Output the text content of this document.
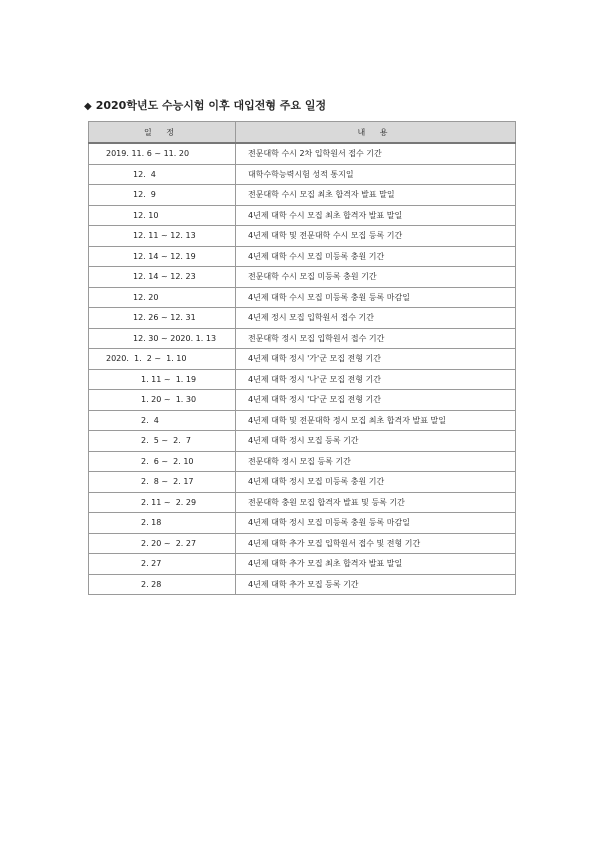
◆ 2020학년도 수능시험 이후 대입전형 주요 일정
일 정	내 용
2019. 11. 6 ~ 11. 20	전문대학 수시 2차 입학원서 접수 기간
12.  4	대학수학능력시험 성적 통지일
12.  9	전문대학 수시 모집 최초 합격자 발표 말일
12. 10	4년제 대학 수시 모집 최초 합격자 발표 말일
12. 11 ~ 12. 13	4년제 대학 및 전문대학 수시 모집 등록 기간
12. 14 ~ 12. 19	4년제 대학 수시 모집 미등록 충원 기간
12. 14 ~ 12. 23	전문대학 수시 모집 미등록 충원 기간
12. 20	4년제 대학 수시 모집 미등록 충원 등록 마감일
12. 26 ~ 12. 31	4년제 정시 모집 입학원서 접수 기간
12. 30 ~ 2020. 1. 13	전문대학 정시 모집 입학원서 접수 기간
2020.  1.  2 ~  1. 10	4년제 대학 정시 '가'군 모집 전형 기간
1. 11 ~  1. 19	4년제 대학 정시 '나'군 모집 전형 기간
1. 20 ~  1. 30	4년제 대학 정시 '다'군 모집 전형 기간
2.  4	4년제 대학 및 전문대학 정시 모집 최초 합격자 발표 말일
2.  5 ~  2.  7	4년제 대학 정시 모집 등록 기간
2.  6 ~  2. 10	전문대학 정시 모집 등록 기간
2.  8 ~  2. 17	4년제 대학 정시 모집 미등록 충원 기간
2. 11 ~  2. 29	전문대학 충원 모집 합격자 발표 및 등록 기간
2. 18	4년제 대학 정시 모집 미등록 충원 등록 마감일
2. 20 ~  2. 27	4년제 대학 추가 모집 입학원서 접수 및 전형 기간
2. 27	4년제 대학 추가 모집 최초 합격자 발표 말일
2. 28	4년제 대학 추가 모집 등록 기간
